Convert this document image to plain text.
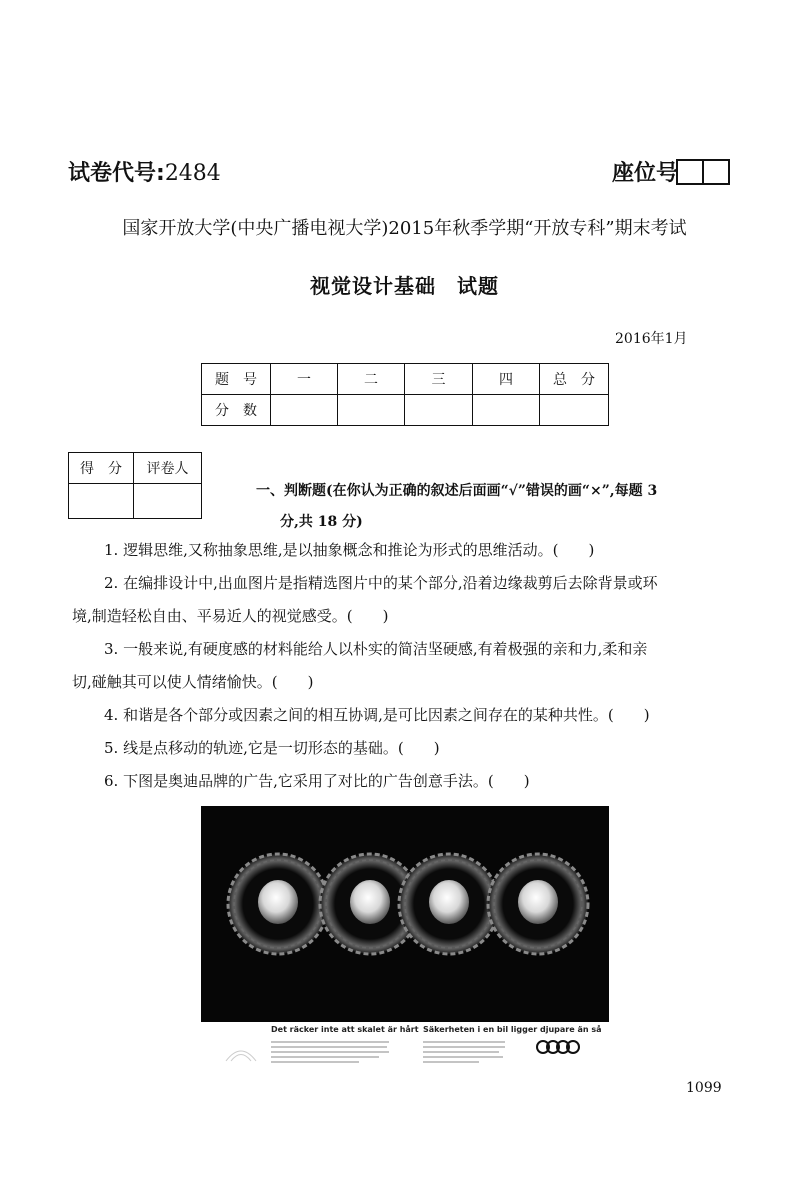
试卷代号:2484	座位号
国家开放大学(中央广播电视大学)2015年秋季学期“开放专科”期末考试
视觉设计基础　试题
2016年1月
题　号	一	二	三	四	总　分
分　数					
得　分	评卷人

一、判断题(在你认为正确的叙述后面画“√”错误的画“×”,每题 3
分,共 18 分)
1. 逻辑思维,又称抽象思维,是以抽象概念和推论为形式的思维活动。(　　)
2. 在编排设计中,出血图片是指精选图片中的某个部分,沿着边缘裁剪后去除背景或环
境,制造轻松自由、平易近人的视觉感受。(　　)
3. 一般来说,有硬度感的材料能给人以朴实的简洁坚硬感,有着极强的亲和力,柔和亲
切,碰触其可以使人情绪愉快。(　　)
4. 和谐是各个部分或因素之间的相互协调,是可比因素之间存在的某种共性。(　　)
5. 线是点移动的轨迹,它是一切形态的基础。(　　)
6. 下图是奥迪品牌的广告,它采用了对比的广告创意手法。(　　)
Det räcker inte att skalet är hårt Säkerheten i en bil ligger djupare än så
1099
